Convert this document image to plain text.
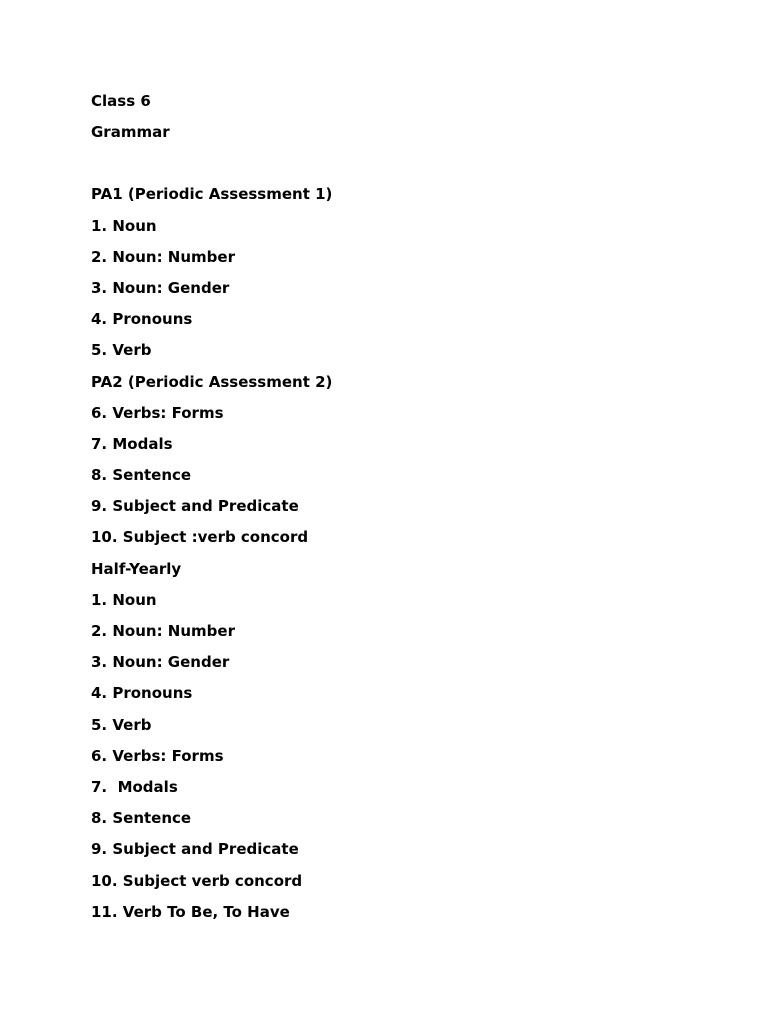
Class 6
Grammar
PA1 (Periodic Assessment 1)
1. Noun
2. Noun: Number
3. Noun: Gender
4. Pronouns
5. Verb
PA2 (Periodic Assessment 2)
6. Verbs: Forms
7. Modals
8. Sentence
9. Subject and Predicate
10. Subject :verb concord
Half-Yearly
1. Noun
2. Noun: Number
3. Noun: Gender
4. Pronouns
5. Verb
6. Verbs: Forms
7.  Modals
8. Sentence
9. Subject and Predicate
10. Subject verb concord
11. Verb To Be, To Have
